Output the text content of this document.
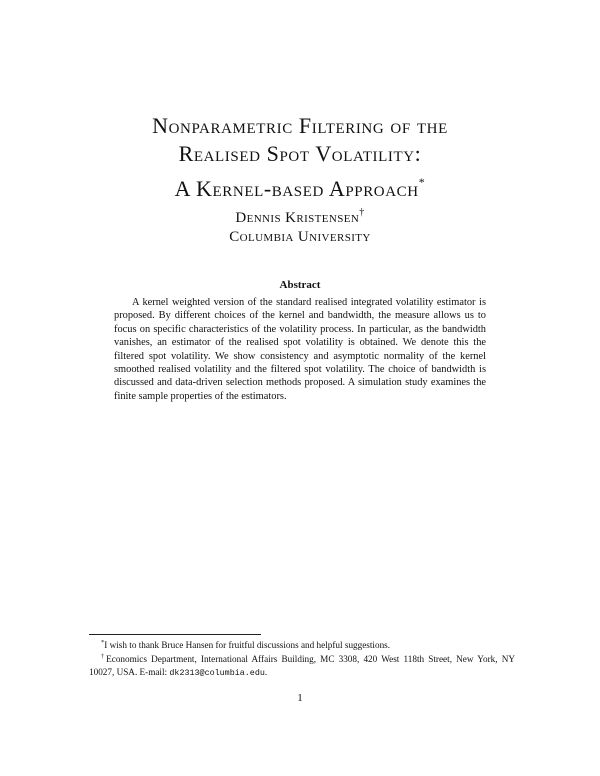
Nonparametric Filtering of the
Realised Spot Volatility:
A Kernel-based Approach*
Dennis Kristensen†
Columbia University
Abstract
A kernel weighted version of the standard realised integrated volatility estimator is proposed. By different choices of the kernel and bandwidth, the measure allows us to focus on specific characteristics of the volatility process. In particular, as the bandwidth vanishes, an estimator of the realised spot volatility is obtained. We denote this the filtered spot volatility. We show consistency and asymptotic normality of the kernel smoothed realised volatility and the filtered spot volatility. The choice of bandwidth is discussed and data-driven selection methods proposed. A simulation study examines the finite sample properties of the estimators.

*I wish to thank Bruce Hansen for fruitful discussions and helpful suggestions.

†Economics Department, International Affairs Building, MC 3308, 420 West 118th Street, New York, NY 10027, USA. E-mail: dk2313@columbia.edu.

1
